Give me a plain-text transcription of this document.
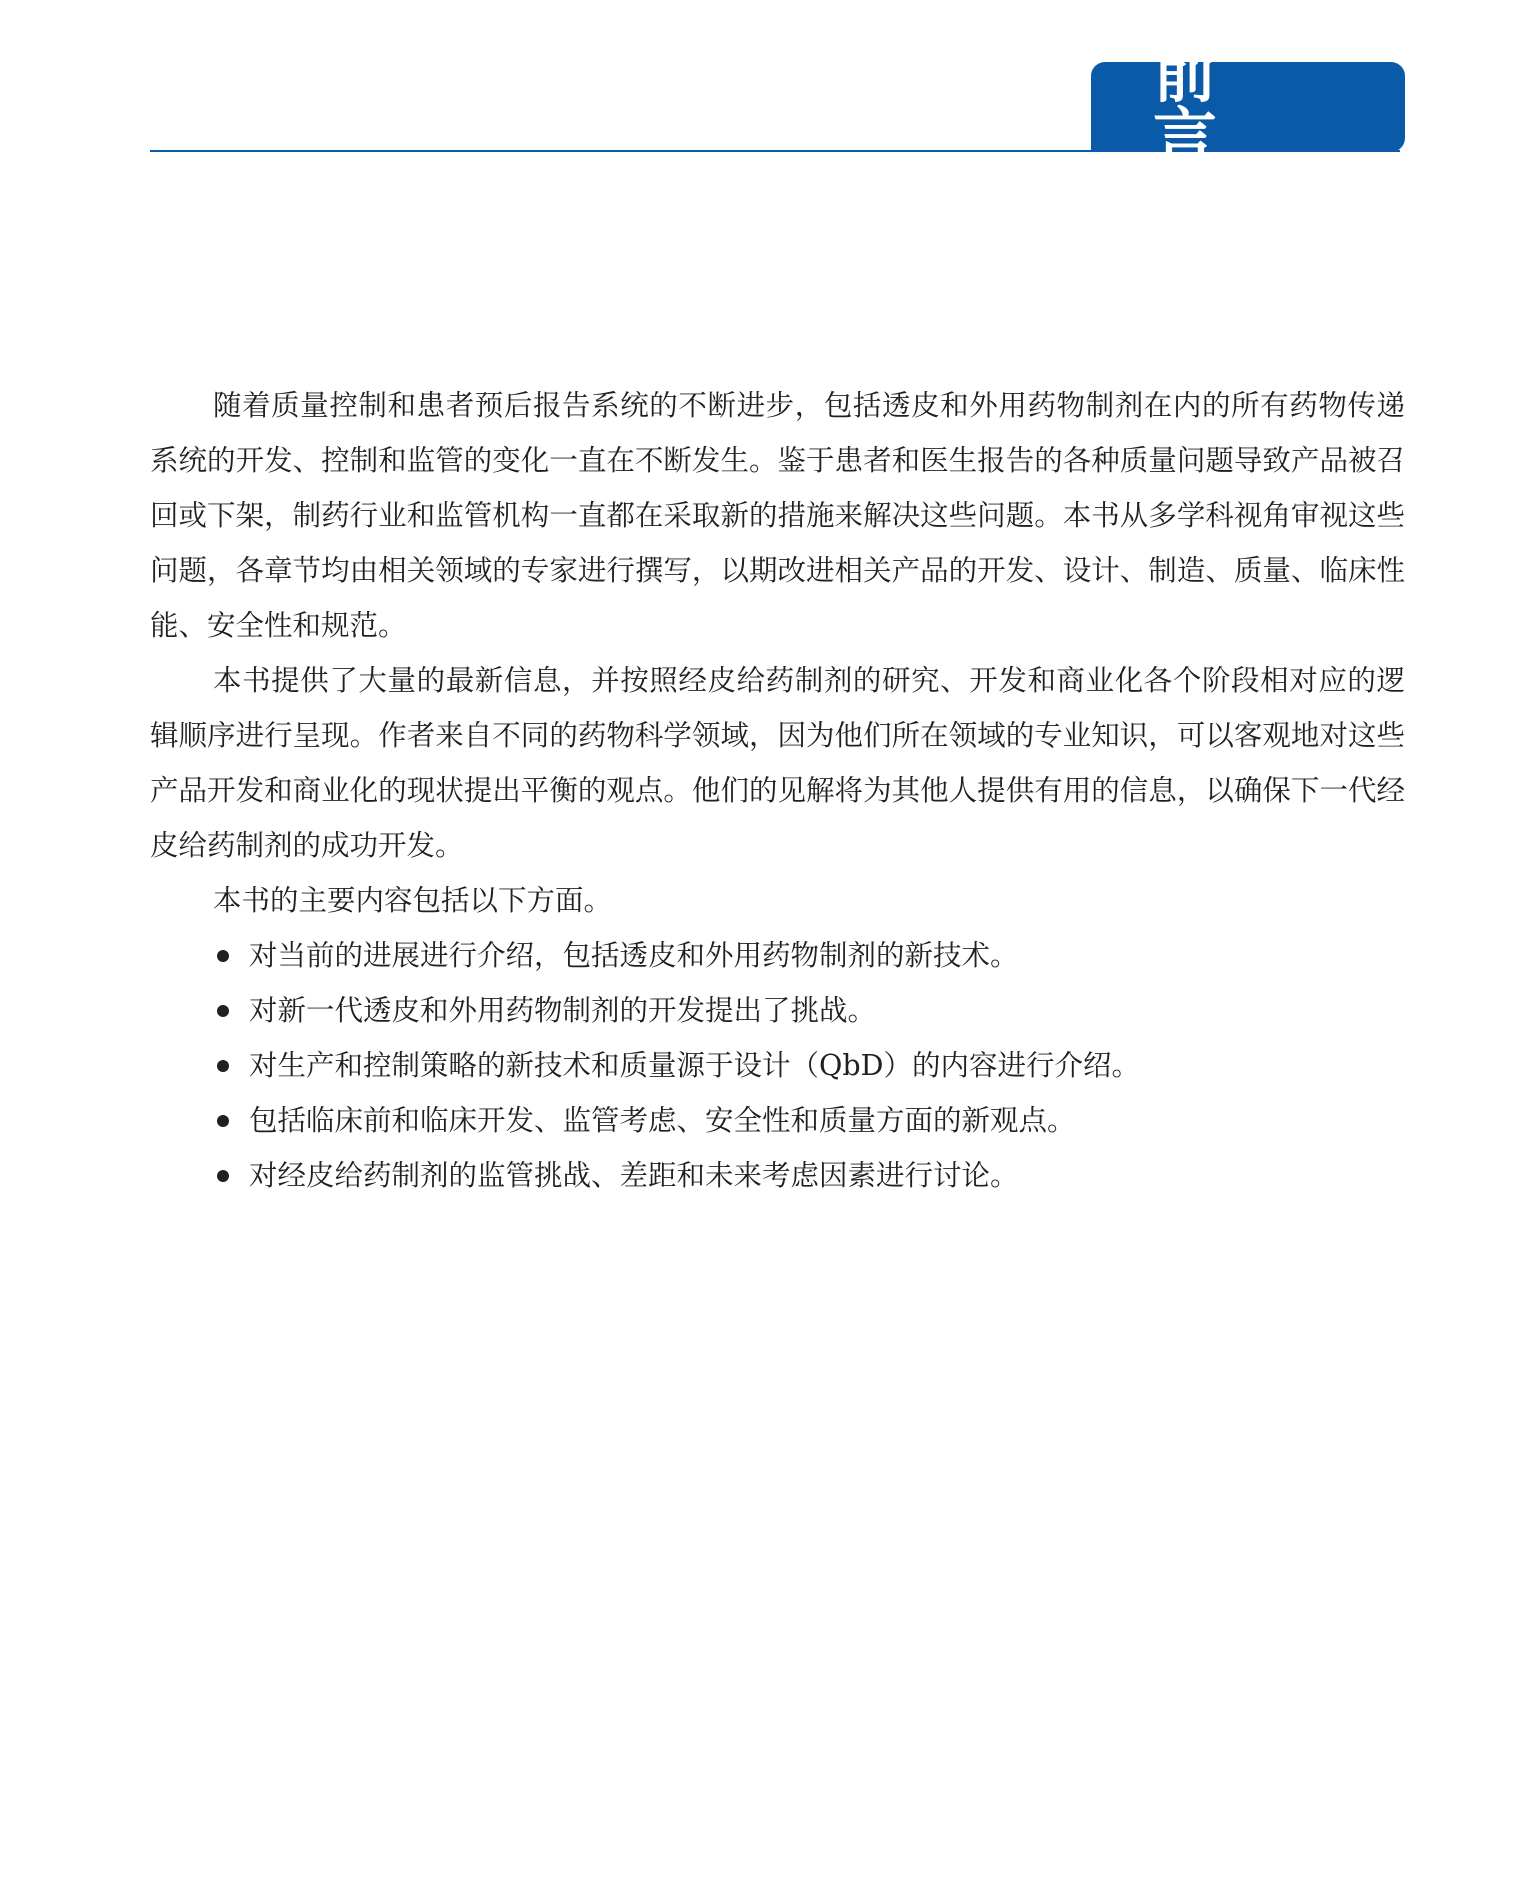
前 言

随着质量控制和患者预后报告系统的不断进步，包括透皮和外用药物制剂在内的所有药物传递系统的开发、控制和监管的变化一直在不断发生。鉴于患者和医生报告的各种质量问题导致产品被召回或下架，制药行业和监管机构一直都在采取新的措施来解决这些问题。本书从多学科视角审视这些问题，各章节均由相关领域的专家进行撰写，以期改进相关产品的开发、设计、制造、质量、临床性能、安全性和规范。

本书提供了大量的最新信息，并按照经皮给药制剂的研究、开发和商业化各个阶段相对应的逻辑顺序进行呈现。作者来自不同的药物科学领域，因为他们所在领域的专业知识，可以客观地对这些产品开发和商业化的现状提出平衡的观点。他们的见解将为其他人提供有用的信息，以确保下一代经皮给药制剂的成功开发。

本书的主要内容包括以下方面。

对当前的进展进行介绍，包括透皮和外用药物制剂的新技术。
对新一代透皮和外用药物制剂的开发提出了挑战。
对生产和控制策略的新技术和质量源于设计（QbD）的内容进行介绍。
包括临床前和临床开发、监管考虑、安全性和质量方面的新观点。
对经皮给药制剂的监管挑战、差距和未来考虑因素进行讨论。
